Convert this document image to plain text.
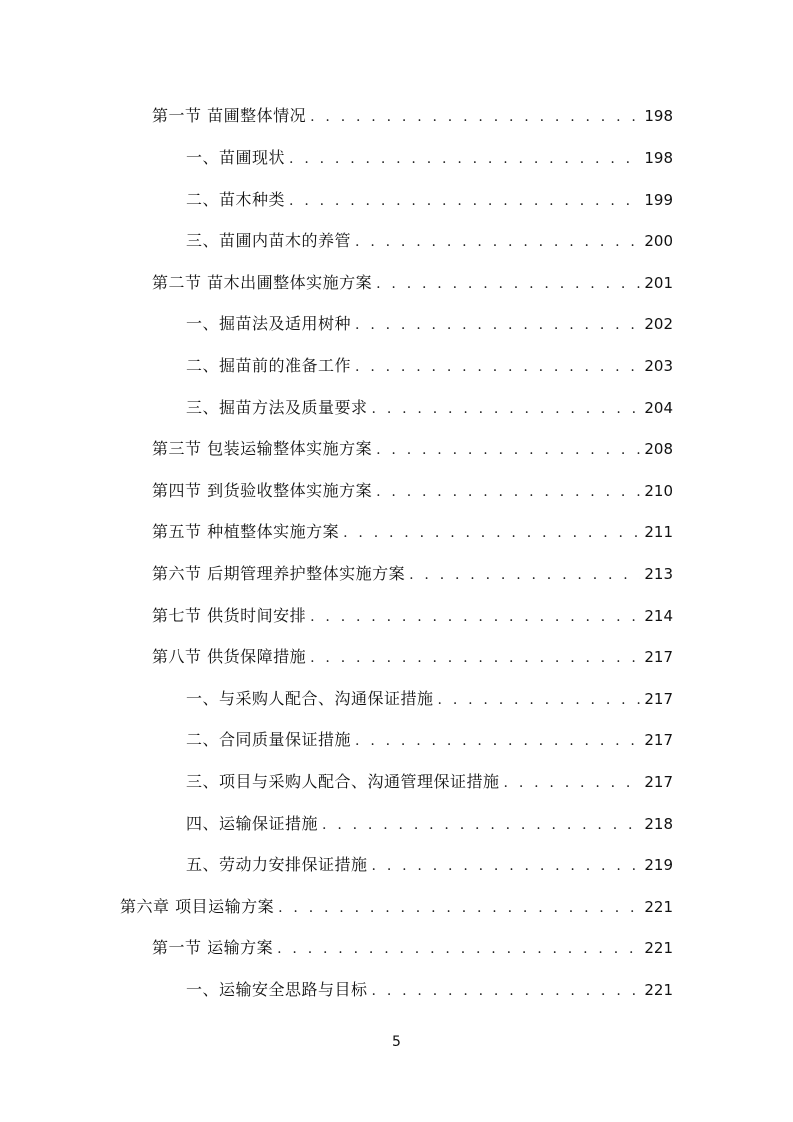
第一节 苗圃整体情况 . . .	198
一、苗圃现状 . . .	198
二、苗木种类 . . .	199
三、苗圃内苗木的养管 . . .	200
第二节 苗木出圃整体实施方案 . . .	201
一、掘苗法及适用树种 . . .	202
二、掘苗前的准备工作 . . .	203
三、掘苗方法及质量要求 . . .	204
第三节 包装运输整体实施方案 . . .	208
第四节 到货验收整体实施方案 . . .	210
第五节 种植整体实施方案 . . .	211
第六节 后期管理养护整体实施方案 . . .	213
第七节 供货时间安排 . . .	214
第八节 供货保障措施 . . .	217
一、与采购人配合、沟通保证措施 . . .	217
二、合同质量保证措施 . . .	217
三、项目与采购人配合、沟通管理保证措施 . . .	217
四、运输保证措施 . . .	218
五、劳动力安排保证措施 . . .	219
第六章 项目运输方案 . . .	221
第一节 运输方案 . . .	221
一、运输安全思路与目标 . . .	221
5
